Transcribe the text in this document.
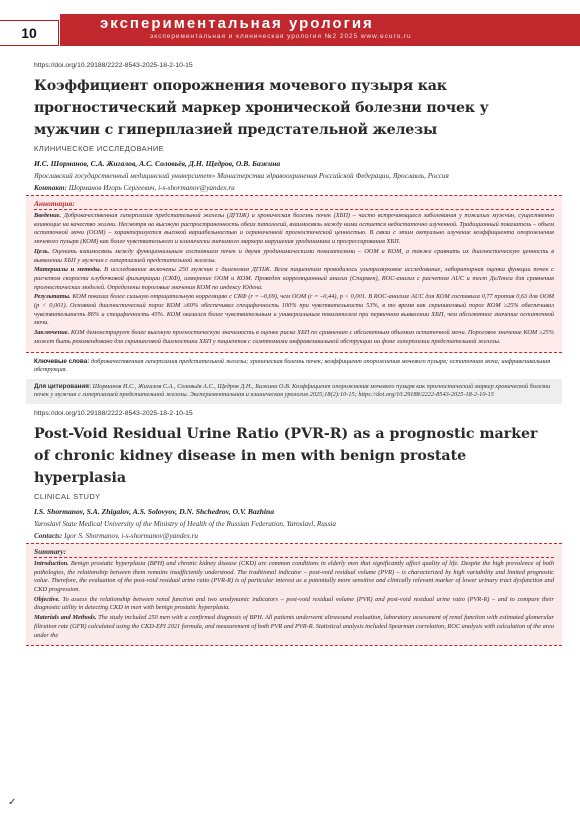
10
экспериментальная урология
экспериментальная и клиническая урология №2 2025 www.ecuro.ru

https://doi.org/10.29188/2222-8543-2025-18-2-10-15

Коэффициент опорожнения мочевого пузыря как прогностический маркер хронической болезни почек у мужчин с гиперплазией предстательной железы

КЛИНИЧЕСКОЕ ИССЛЕДОВАНИЕ

И.С. Шорманов, С.А. Жигалов, А.С. Соловьёв, Д.Н. Щедров, О.В. Бажина

Ярославский государственный медицинский университет» Министерства здравоохранения Российской Федерации, Ярославль, Россия

Контакт: Шорманов Игорь Сергеевич, i-s-shormanov@yandex.ru

Аннотация:

Введение. Доброкачественная гиперплазия предстательной железы (ДГПЖ) и хроническая болезнь почек (ХБП) – часто встречающиеся заболевания у пожилых мужчин, существенно влияющие на качество жизни. Несмотря на высокую распространенность обеих патологий, взаимосвязь между ними остается недостаточно изученной. Традиционный показатель – объем остаточной мочи (ООМ) – характеризуется высокой вариабельностью и ограниченной прогностической ценностью. В связи с этим актуально изучение коэффициента опорожнения мочевого пузыря (КОМ) как более чувствительного и клинически значимого маркера нарушения уродинамики и прогрессирования ХБП.

Цель. Оценить взаимосвязь между функциональным состоянием почек и двумя уродинамическими показателями – ООМ и КОМ, а также сравнить их диагностическую ценность в выявлении ХБП у мужчин с гиперплазией предстательной железы.

Материалы и методы. В исследование включены 250 мужчин с диагнозом ДГПЖ. Всем пациентам проводилось ультразвуковое исследование, лабораторная оценка функции почек с расчетом скорости клубочковой фильтрации (СКФ), измерение ООМ и КОМ. Проведен корреляционный анализ (Спирмен), ROC-анализ с расчетом AUC и тест ДеЛонга для сравнения прогностических моделей. Определены пороговые значения КОМ по индексу Юдена.

Результаты. КОМ показал более сильную отрицательную корреляцию с СКФ (r = –0,69), чем ООМ (r = –0,44), p < 0,001. В ROC-анализе AUC для КОМ составила 0,77 против 0,63 для ООМ (p < 0,001). Основной диагностический порог КОМ ≥60% обеспечивал специфичность 100% при чувствительности 53%, в то время как скрининговый порог КОМ ≥25% обеспечивал чувствительность 86% и специфичность 45%. КОМ оказался более чувствительным и универсальным показателем при первичном выявлении ХБП, чем абсолютное значение остаточной мочи.

Заключение. КОМ демонстрирует более высокую прогностическую значимость в оценке риска ХБП по сравнению с абсолютным объемом остаточной мочи. Пороговое значение КОМ ≥25% может быть рекомендовано для скрининговой диагностики ХБП у пациентов с симптомами инфравезикальной обструкции на фоне гиперплазии предстательной железы.

Ключевые слова: доброкачественная гиперплазия предстательной железы; хроническая болезнь почек; коэффициент опорожнения мочевого пузыря; остаточная моча; инфравезикальная обструкция.

Для цитирования: Шорманов И.С., Жигалов С.А., Соловьёв А.С., Щедров Д.Н., Бажина О.В. Коэффициент опорожнения мочевого пузыря как прогностический маркер хронической болезни почек у мужчин с гиперплазией предстательной железы. Экспериментальная и клиническая урология 2025;18(2):10-15; https://doi.org/10.29188/2222-8543-2025-18-2-10-15

https://doi.org/10.29188/2222-8543-2025-18-2-10-15

Post-Void Residual Urine Ratio (PVR-R) as a prognostic marker of chronic kidney disease in men with benign prostate hyperplasia

CLINICAL STUDY

I.S. Shormanov, S.A. Zhigalov, A.S. Solovyov, D.N. Shchedrov, O.V. Bazhina

Yaroslavl State Medical University of the Ministry of Health of the Russian Federation, Yaroslavl, Russia

Contacts: Igor S. Shormanov, i-s-shormanov@yandex.ru

Summary:

Introduction. Benign prostatic hyperplasia (BPH) and chronic kidney disease (CKD) are common conditions in elderly men that significantly affect quality of life. Despite the high prevalence of both pathologies, the relationship between them remains insufficiently understood. The traditional indicator – post-void residual volume (PVR) – is characterized by high variability and limited prognostic value. Therefore, the evaluation of the post-void residual urine ratio (PVR-R) is of particular interest as a potentially more sensitive and clinically relevant marker of lower urinary tract dysfunction and CKD progression.

Objective. To assess the relationship between renal function and two urodynamic indicators – post-void residual volume (PVR) and post-void residual urine ratio (PVR-R) – and to compare their diagnostic utility in detecting CKD in men with benign prostatic hyperplasia.

Materials and Methods. The study included 250 men with a confirmed diagnosis of BPH. All patients underwent ultrasound evaluation, laboratory assessment of renal function with estimated glomerular filtration rate (GFR) calculated using the CKD-EPI 2021 formula, and measurement of both PVR and PVR-R. Statistical analysis included Spearman correlation, ROC analysis with calculation of the area under the

✓
